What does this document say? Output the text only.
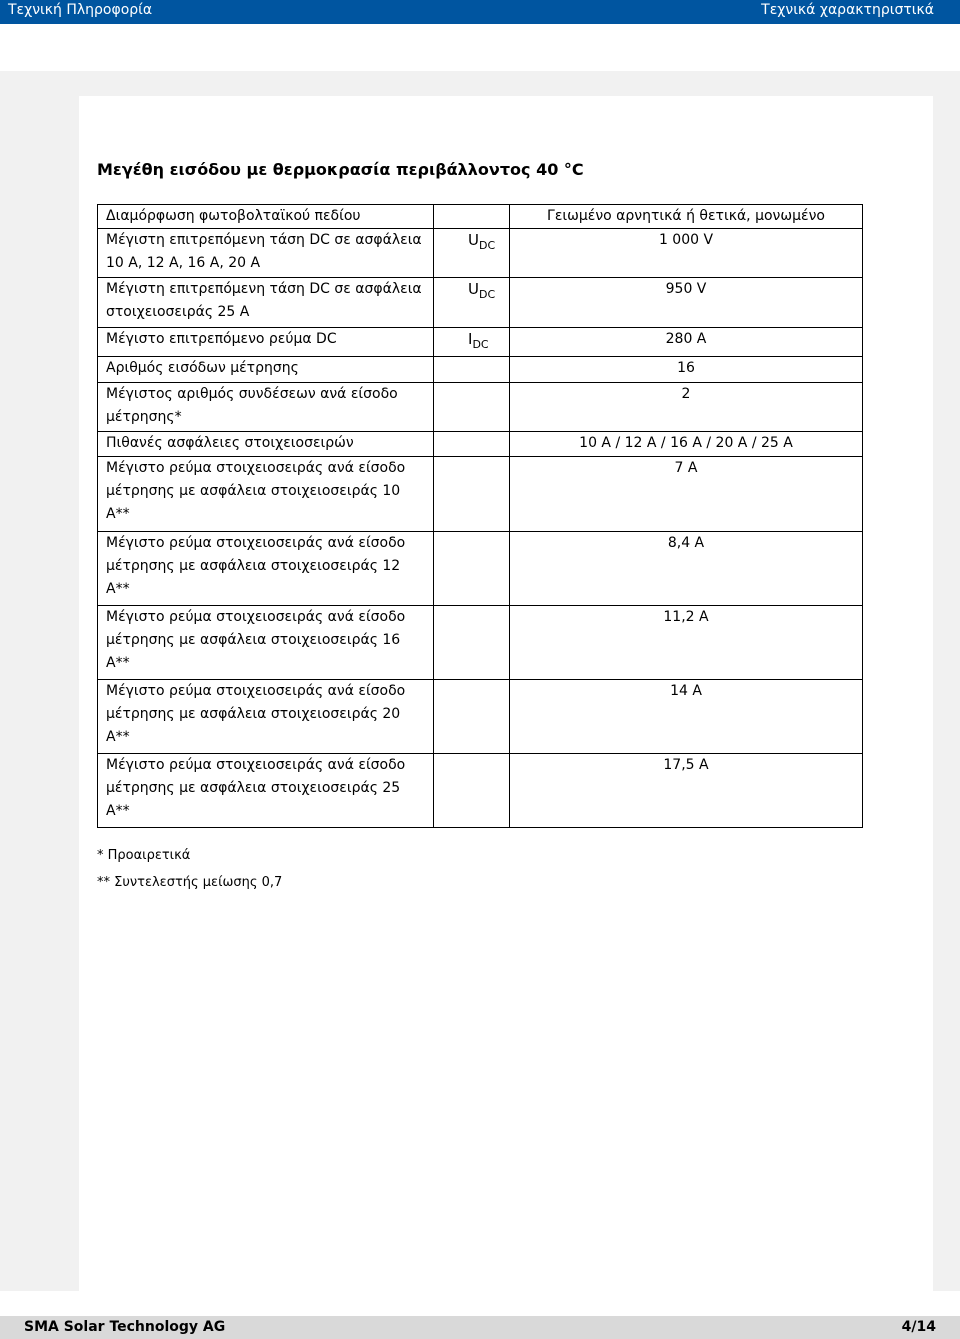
Τεχνική Πληροφορία	Τεχνικά χαρακτηριστικά
Μεγέθη εισόδου με θερμοκρασία περιβάλλοντος 40 °C
Διαμόρφωση φωτοβολταϊκού πεδίου		Γειωμένο αρνητικά ή θετικά, μονωμένο
Μέγιστη επιτρεπόμενη τάση DC σε ασφάλεια 10 A, 12 A, 16 A, 20 A	$U_{DC}$	1 000 V
Μέγιστη επιτρεπόμενη τάση DC σε ασφάλεια στοιχειοσειράς 25 A	$U_{DC}$	950 V
Μέγιστο επιτρεπόμενο ρεύμα DC	$I_{DC}$	280 A
Αριθμός εισόδων μέτρησης		16
Μέγιστος αριθμός συνδέσεων ανά είσοδο μέτρησης*		2
Πιθανές ασφάλειες στοιχειοσειρών		10 A / 12 A / 16 A / 20 A / 25 A
Μέγιστο ρεύμα στοιχειοσειράς ανά είσοδο μέτρησης με ασφάλεια στοιχειοσειράς 10 A**		7 A
Μέγιστο ρεύμα στοιχειοσειράς ανά είσοδο μέτρησης με ασφάλεια στοιχειοσειράς 12 A**		8,4 A
Μέγιστο ρεύμα στοιχειοσειράς ανά είσοδο μέτρησης με ασφάλεια στοιχειοσειράς 16 A**		11,2 A
Μέγιστο ρεύμα στοιχειοσειράς ανά είσοδο μέτρησης με ασφάλεια στοιχειοσειράς 20 A**		14 A
Μέγιστο ρεύμα στοιχειοσειράς ανά είσοδο μέτρησης με ασφάλεια στοιχειοσειράς 25 A**		17,5 A
* Προαιρετικά
** Συντελεστής μείωσης 0,7
SMA Solar Technology AG	4/14
